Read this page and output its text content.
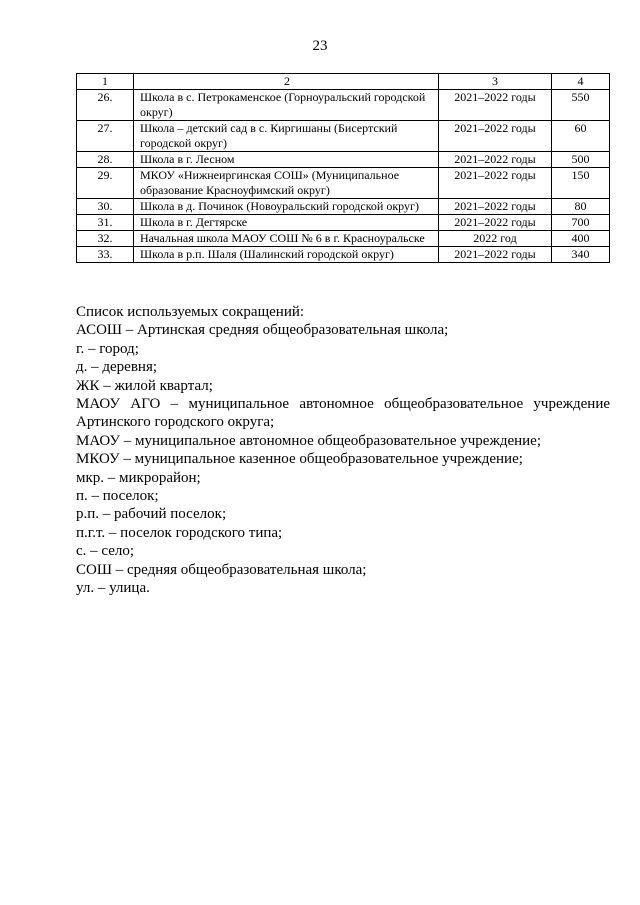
23
1	2	3	4
26.	Школа в с. Петрокаменское (Горноуральский городской округ)	2021–2022 годы	550
27.	Школа – детский сад в с. Киргишаны (Бисертский городской округ)	2021–2022 годы	60
28.	Школа в г. Лесном	2021–2022 годы	500
29.	МКОУ «Нижнеиргинская СОШ» (Муниципальное образование Красноуфимский округ)	2021–2022 годы	150
30.	Школа в д. Починок (Новоуральский городской округ)	2021–2022 годы	80
31.	Школа в г. Дегтярске	2021–2022 годы	700
32.	Начальная школа МАОУ СОШ № 6 в г. Красноуральске	2022 год	400
33.	Школа в р.п. Шаля (Шалинский городской округ)	2021–2022 годы	340

Список используемых сокращений:

АСОШ – Артинская средняя общеобразовательная школа;

г. – город;

д. – деревня;

ЖК – жилой квартал;

МАОУ АГО – муниципальное автономное общеобразовательное учреждение Артинского городского округа;

МАОУ – муниципальное автономное общеобразовательное учреждение;

МКОУ – муниципальное казенное общеобразовательное учреждение;

мкр. – микрорайон;

п. – поселок;

р.п. – рабочий поселок;

п.г.т. – поселок городского типа;

с. – село;

СОШ – средняя общеобразовательная школа;

ул. – улица.
